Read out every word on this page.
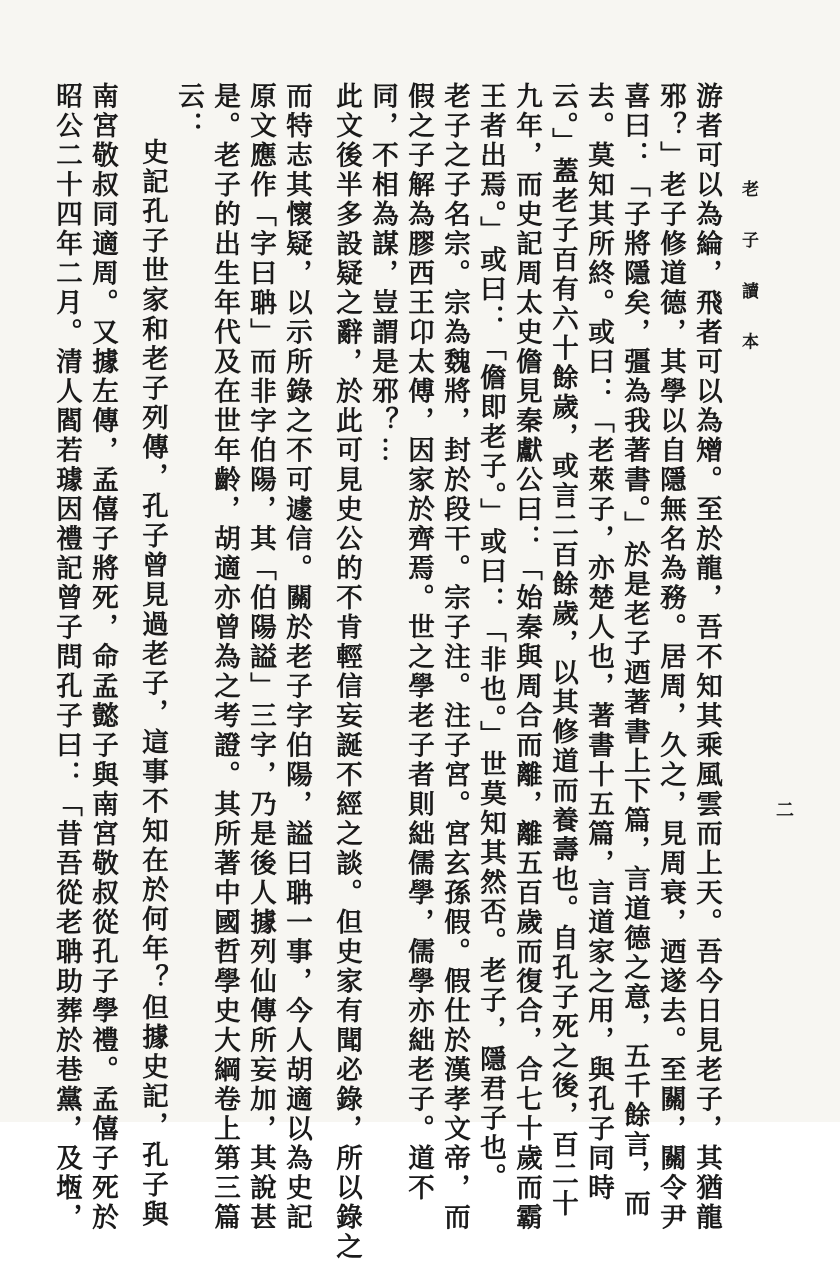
老 子 讀 本
二
游者可以為綸，飛者可以為矰。至於龍，吾不知其乘風雲而上天。吾今日見老子，其猶龍
邪？」老子修道德，其學以自隱無名為務。居周，久之，見周衰，迺遂去。至關，關令尹
喜曰：「子將隱矣，彊為我著書。」於是老子迺著書上下篇，言道德之意，五千餘言，而
去。莫知其所終。或曰：「老萊子，亦楚人也，著書十五篇，言道家之用，與孔子同時
云。」蓋老子百有六十餘歲，或言二百餘歲，以其修道而養壽也。自孔子死之後，百二十
九年，而史記周太史儋見秦獻公曰：「始秦與周合而離，離五百歲而復合，合七十歲而霸
王者出焉。」或曰：「儋即老子。」或曰：「非也。」世莫知其然否。老子，隱君子也。
老子之子名宗。宗為魏將，封於段干。宗子注。注子宮。宮玄孫假。假仕於漢孝文帝，而
假之子解為膠西王卬太傅，因家於齊焉。世之學老子者則絀儒學，儒學亦絀老子。道不
同，不相為謀，豈謂是邪？⋯
此文後半多設疑之辭，於此可見史公的不肯輕信妄誕不經之談。但史家有聞必錄，所以錄之
而特志其懷疑，以示所錄之不可遽信。關於老子字伯陽，謚曰聃一事，今人胡適以為史記
原文應作「字曰聃」而非字伯陽，其「伯陽謚」三字，乃是後人據列仙傳所妄加，其說甚
是。老子的出生年代及在世年齡，胡適亦曾為之考證。其所著中國哲學史大綱卷上第三篇
云：
史記孔子世家和老子列傳，孔子曾見過老子，這事不知在於何年？但據史記，孔子與
南宮敬叔同適周。又據左傳，孟僖子將死，命孟懿子與南宮敬叔從孔子學禮。孟僖子死於
昭公二十四年二月。清人閻若璩因禮記曾子問孔子曰：「昔吾從老聃助葬於巷黨，及堩，
